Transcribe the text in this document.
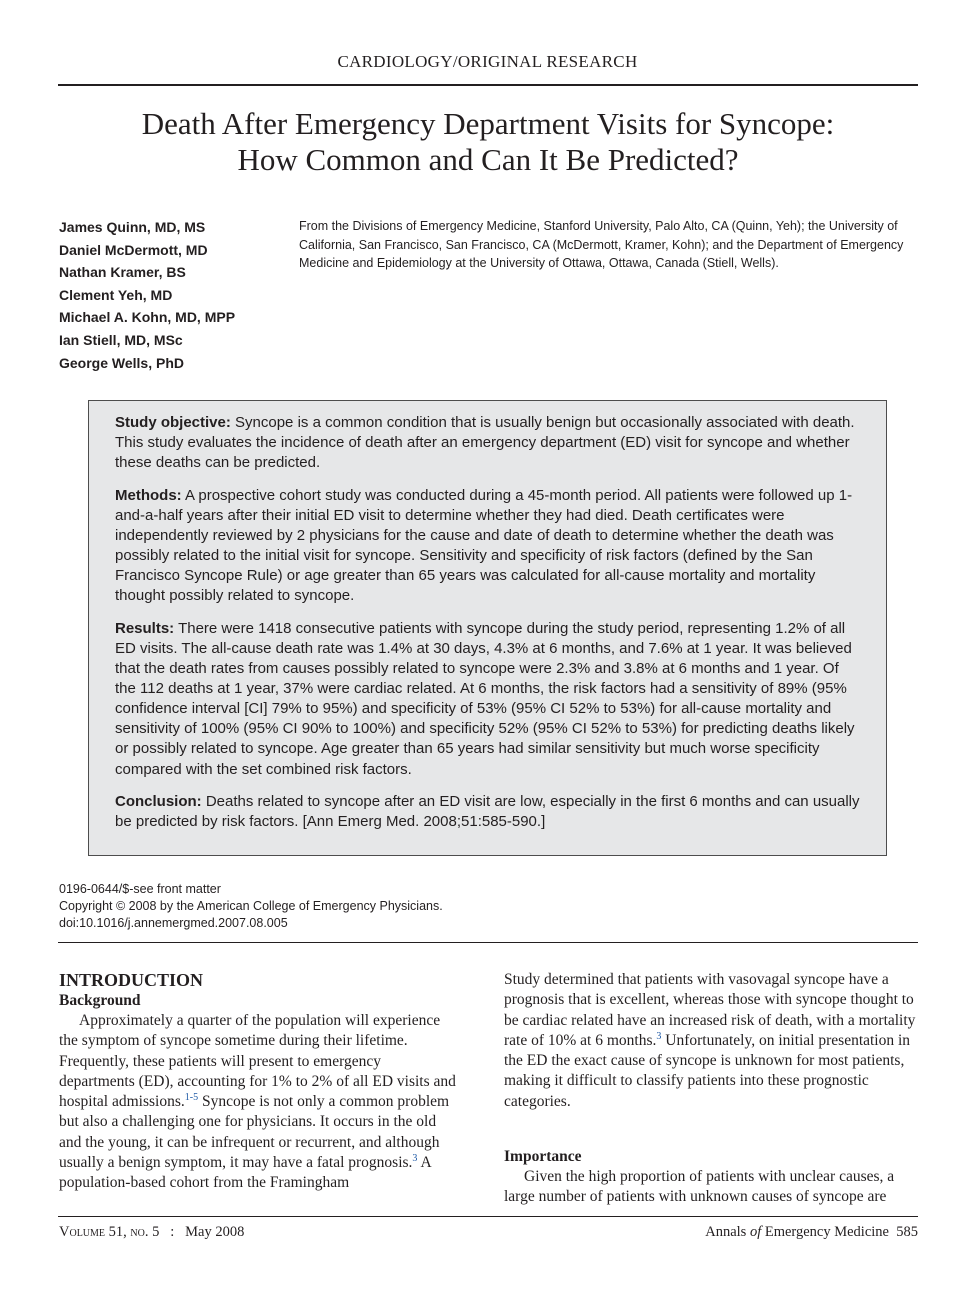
CARDIOLOGY/ORIGINAL RESEARCH
Death After Emergency Department Visits for Syncope:
How Common and Can It Be Predicted?
James Quinn, MD, MS
Daniel McDermott, MD
Nathan Kramer, BS
Clement Yeh, MD
Michael A. Kohn, MD, MPP
Ian Stiell, MD, MSc
George Wells, PhD
From the Divisions of Emergency Medicine, Stanford University, Palo Alto, CA (Quinn, Yeh); the University of California, San Francisco, San Francisco, CA (McDermott, Kramer, Kohn); and the Department of Emergency Medicine and Epidemiology at the University of Ottawa, Ottawa, Canada (Stiell, Wells).

Study objective: Syncope is a common condition that is usually benign but occasionally associated with death. This study evaluates the incidence of death after an emergency department (ED) visit for syncope and whether these deaths can be predicted.

Methods: A prospective cohort study was conducted during a 45-month period. All patients were followed up 1-and-a-half years after their initial ED visit to determine whether they had died. Death certificates were independently reviewed by 2 physicians for the cause and date of death to determine whether the death was possibly related to the initial visit for syncope. Sensitivity and specificity of risk factors (defined by the San Francisco Syncope Rule) or age greater than 65 years was calculated for all-cause mortality and mortality thought possibly related to syncope.

Results: There were 1418 consecutive patients with syncope during the study period, representing 1.2% of all ED visits. The all-cause death rate was 1.4% at 30 days, 4.3% at 6 months, and 7.6% at 1 year. It was believed that the death rates from causes possibly related to syncope were 2.3% and 3.8% at 6 months and 1 year. Of the 112 deaths at 1 year, 37% were cardiac related. At 6 months, the risk factors had a sensitivity of 89% (95% confidence interval [CI] 79% to 95%) and specificity of 53% (95% CI 52% to 53%) for all-cause mortality and sensitivity of 100% (95% CI 90% to 100%) and specificity 52% (95% CI 52% to 53%) for predicting deaths likely or possibly related to syncope. Age greater than 65 years had similar sensitivity but much worse specificity compared with the set combined risk factors.

Conclusion: Deaths related to syncope after an ED visit are low, especially in the first 6 months and can usually be predicted by risk factors. [Ann Emerg Med. 2008;51:585-590.]

0196-0644/$-see front matter
Copyright © 2008 by the American College of Emergency Physicians.
doi:10.1016/j.annemergmed.2007.08.005
INTRODUCTION
Background

Approximately a quarter of the population will experience the symptom of syncope sometime during their lifetime. Frequently, these patients will present to emergency departments (ED), accounting for 1% to 2% of all ED visits and hospital admissions.$^{1-5}$ Syncope is not only a common problem but also a challenging one for physicians. It occurs in the old and the young, it can be infrequent or recurrent, and although usually a benign symptom, it may have a fatal prognosis.$^3$ A population-based cohort from the Framingham

Study determined that patients with vasovagal syncope have a prognosis that is excellent, whereas those with syncope thought to be cardiac related have an increased risk of death, with a mortality rate of 10% at 6 months.$^3$ Unfortunately, on initial presentation in the ED the exact cause of syncope is unknown for most patients, making it difficult to classify patients into these prognostic categories.

Importance

Given the high proportion of patients with unclear causes, a large number of patients with unknown causes of syncope are

Volume 51, no. 5 : May 2008	Annals of Emergency Medicine 585
